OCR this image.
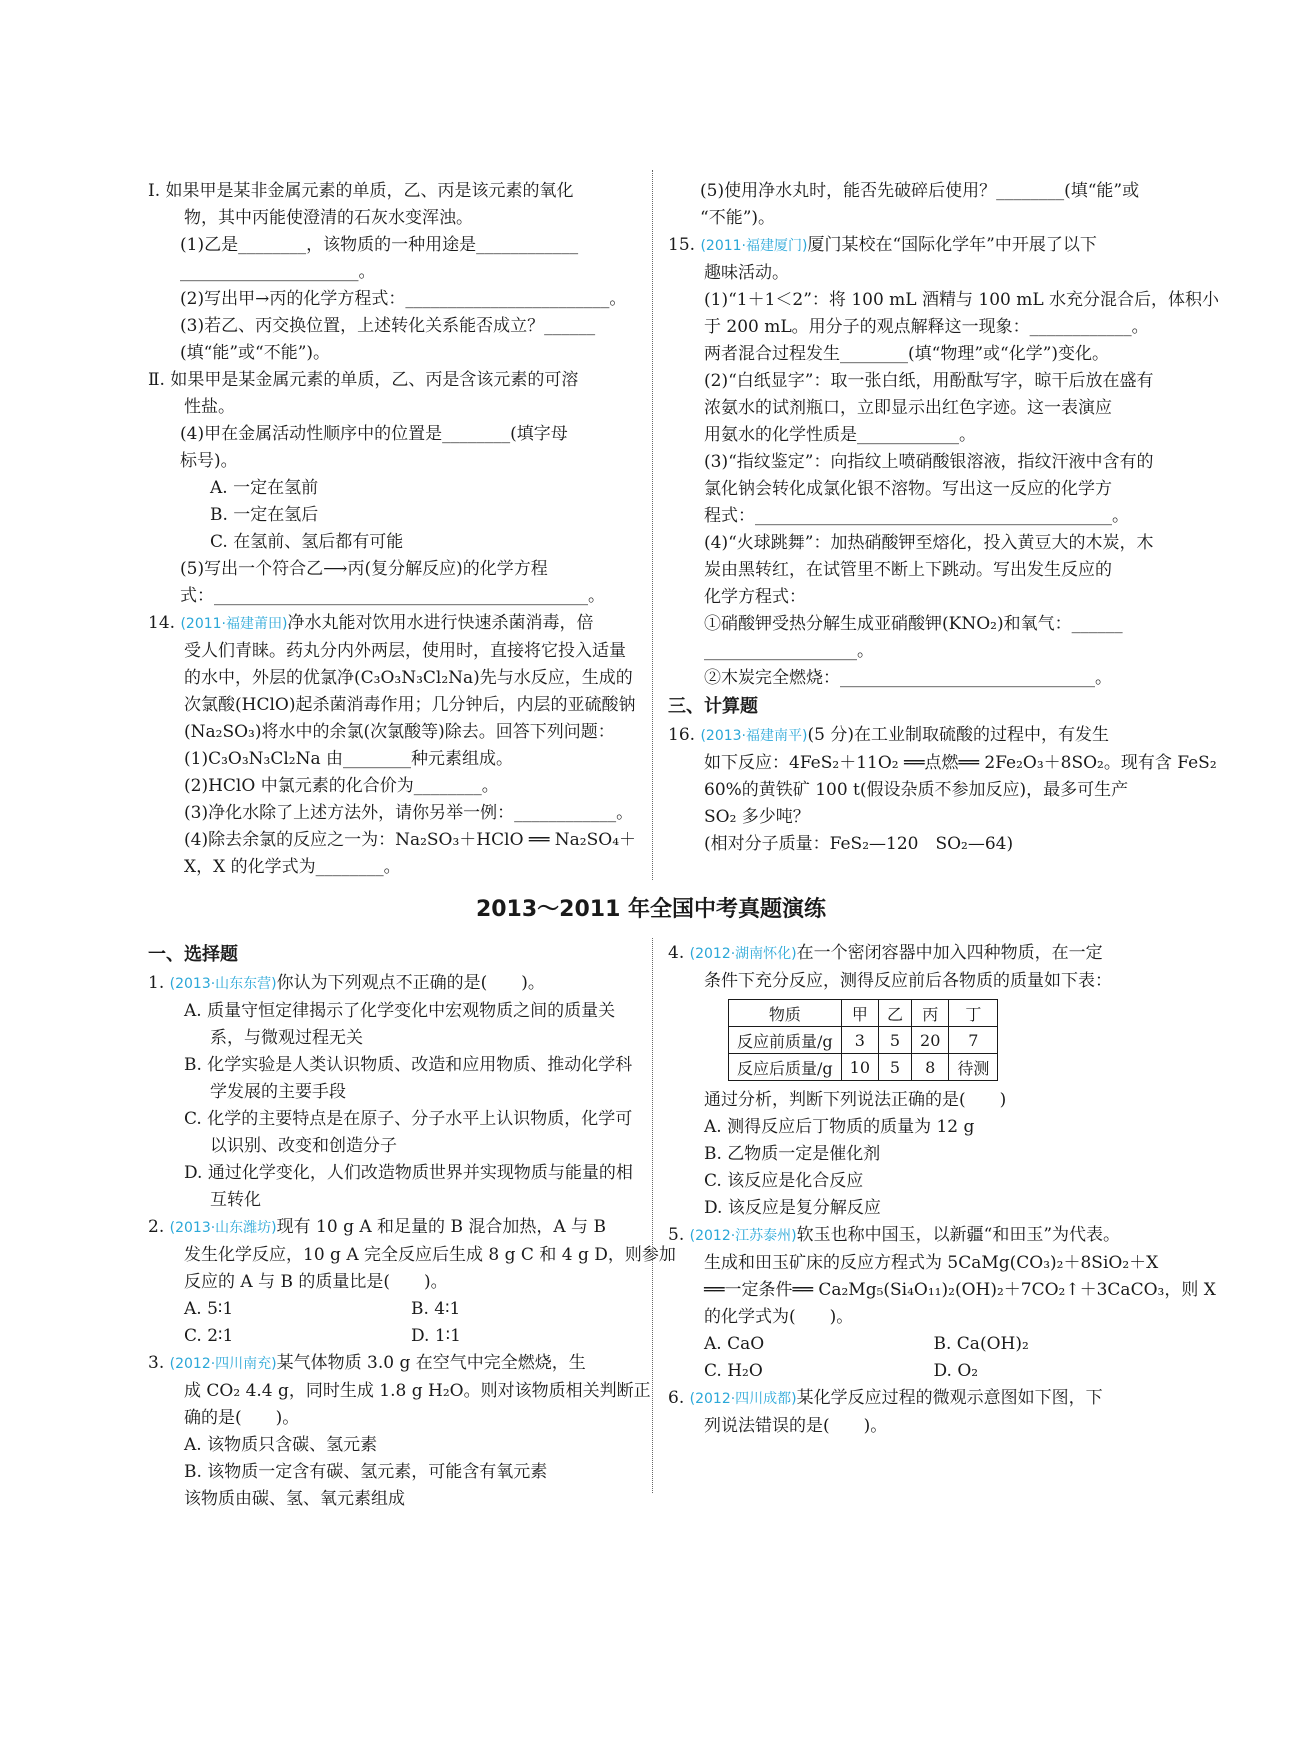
Ⅰ. 如果甲是某非金属元素的单质，乙、丙是该元素的氧化
物，其中丙能使澄清的石灰水变浑浊。
(1)乙是________，该物质的一种用途是____________
_____________________。
(2)写出甲→丙的化学方程式：________________________。
(3)若乙、丙交换位置，上述转化关系能否成立？______
(填“能”或“不能”)。
Ⅱ. 如果甲是某金属元素的单质，乙、丙是含该元素的可溶
性盐。
(4)甲在金属活动性顺序中的位置是________(填字母
标号)。
A. 一定在氢前
B. 一定在氢后
C. 在氢前、氢后都有可能
(5)写出一个符合乙⟶丙(复分解反应)的化学方程
式：____________________________________________。
14. (2011·福建莆田)净水丸能对饮用水进行快速杀菌消毒，倍
受人们青睐。药丸分内外两层，使用时，直接将它投入适量
的水中，外层的优氯净(C₃O₃N₃Cl₂Na)先与水反应，生成的
次氯酸(HClO)起杀菌消毒作用；几分钟后，内层的亚硫酸钠
(Na₂SO₃)将水中的余氯(次氯酸等)除去。回答下列问题：
(1)C₃O₃N₃Cl₂Na 由________种元素组成。
(2)HClO 中氯元素的化合价为________。
(3)净化水除了上述方法外，请你另举一例：____________。
(4)除去余氯的反应之一为：Na₂SO₃＋HClO ══ Na₂SO₄＋
X，X 的化学式为________。
(5)使用净水丸时，能否先破碎后使用？________(填“能”或
“不能”)。
15. (2011·福建厦门)厦门某校在“国际化学年”中开展了以下
趣味活动。
(1)“1＋1＜2”：将 100 mL 酒精与 100 mL 水充分混合后，体积小
于 200 mL。用分子的观点解释这一现象：____________。
两者混合过程发生________(填“物理”或“化学”)变化。
(2)“白纸显字”：取一张白纸，用酚酞写字，晾干后放在盛有
浓氨水的试剂瓶口，立即显示出红色字迹。这一表演应
用氨水的化学性质是____________。
(3)“指纹鉴定”：向指纹上喷硝酸银溶液，指纹汗液中含有的
氯化钠会转化成氯化银不溶物。写出这一反应的化学方
程式：__________________________________________。
(4)“火球跳舞”：加热硝酸钾至熔化，投入黄豆大的木炭，木
炭由黑转红，在试管里不断上下跳动。写出发生反应的
化学方程式：
①硝酸钾受热分解生成亚硝酸钾(KNO₂)和氧气：______
__________________。
②木炭完全燃烧：______________________________。
三、计算题
16. (2013·福建南平)(5 分)在工业制取硫酸的过程中，有发生
如下反应：4FeS₂＋11O₂ ══点燃══ 2Fe₂O₃＋8SO₂。现有含 FeS₂
60%的黄铁矿 100 t(假设杂质不参加反应)，最多可生产
SO₂ 多少吨？
(相对分子质量：FeS₂—120　SO₂—64)
2013～2011 年全国中考真题演练
一、选择题
1. (2013·山东东营)你认为下列观点不正确的是(　　)。
A. 质量守恒定律揭示了化学变化中宏观物质之间的质量关
系，与微观过程无关
B. 化学实验是人类认识物质、改造和应用物质、推动化学科
学发展的主要手段
C. 化学的主要特点是在原子、分子水平上认识物质，化学可
以识别、改变和创造分子
D. 通过化学变化，人们改造物质世界并实现物质与能量的相
互转化
2. (2013·山东潍坊)现有 10 g A 和足量的 B 混合加热，A 与 B
发生化学反应，10 g A 完全反应后生成 8 g C 和 4 g D，则参加
反应的 A 与 B 的质量比是(　　)。
A. 5∶1	B. 4∶1
C. 2∶1	D. 1∶1
3. (2012·四川南充)某气体物质 3.0 g 在空气中完全燃烧，生
成 CO₂ 4.4 g，同时生成 1.8 g H₂O。则对该物质相关判断正
确的是(　　)。
A. 该物质只含碳、氢元素
B. 该物质一定含有碳、氢元素，可能含有氧元素
该物质由碳、氢、氧元素组成
4. (2012·湖南怀化)在一个密闭容器中加入四种物质，在一定
条件下充分反应，测得反应前后各物质的质量如下表：
物质	甲	乙	丙	丁
反应前质量/g	3	5	20	7
反应后质量/g	10	5	8	待测
通过分析，判断下列说法正确的是(　　)
A. 测得反应后丁物质的质量为 12 g
B. 乙物质一定是催化剂
C. 该反应是化合反应
D. 该反应是复分解反应
5. (2012·江苏泰州)软玉也称中国玉，以新疆“和田玉”为代表。
生成和田玉矿床的反应方程式为 5CaMg(CO₃)₂＋8SiO₂＋X
══一定条件══ Ca₂Mg₅(Si₄O₁₁)₂(OH)₂＋7CO₂↑＋3CaCO₃，则 X
的化学式为(　　)。
A. CaO	B. Ca(OH)₂
C. H₂O	D. O₂
6. (2012·四川成都)某化学反应过程的微观示意图如下图，下
列说法错误的是(　　)。
